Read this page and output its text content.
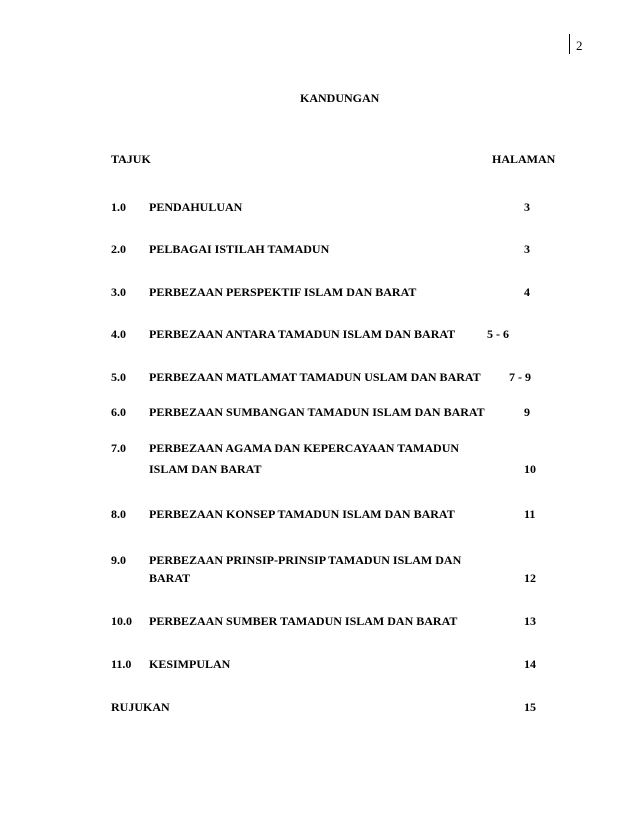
2
KANDUNGAN
TAJUK	HALAMAN
1.0 PENDAHULUAN	3
2.0 PELBAGAI ISTILAH TAMADUN	3
3.0 PERBEZAAN PERSPEKTIF ISLAM DAN BARAT	4
4.0 PERBEZAAN ANTARA TAMADUN ISLAM DAN BARAT	5 - 6
5.0 PERBEZAAN MATLAMAT TAMADUN USLAM DAN BARAT 7 - 9
6.0 PERBEZAAN SUMBANGAN TAMADUN ISLAM DAN BARAT	9
7.0 PERBEZAAN AGAMA DAN KEPERCAYAAN TAMADUN
ISLAM DAN BARAT	10
8.0 PERBEZAAN KONSEP TAMADUN ISLAM DAN BARAT	11
9.0 PERBEZAAN PRINSIP-PRINSIP TAMADUN ISLAM DAN
BARAT	12
10.0 PERBEZAAN SUMBER TAMADUN ISLAM DAN BARAT	13
11.0 KESIMPULAN	14
RUJUKAN	15
